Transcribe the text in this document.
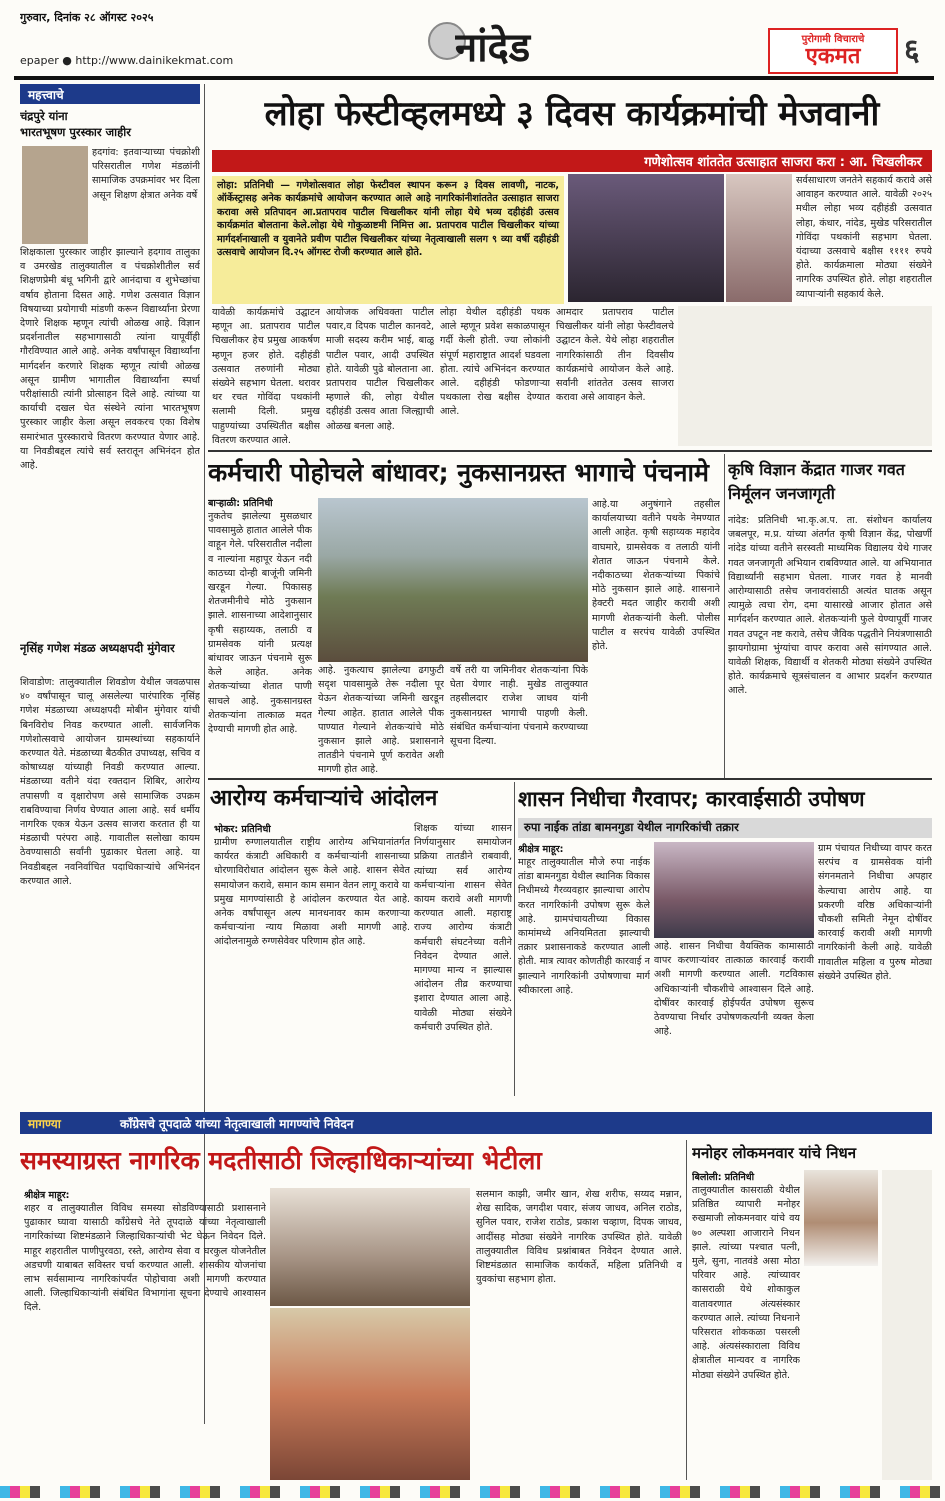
गुरुवार, दिनांक २८ ऑगस्ट २०२५
epaper ● http://www.dainikekmat.com	नांदेड	पुरोगामी विचाराचे
एकमत	६
महत्त्वाचे
चंद्रपुरे यांना
भारतभूषण पुरस्कार जाहीर
हदगांव: इतवाऱ्याच्या पंचक्रोशी परिसरातील गणेश मंडळांनी सामाजिक उपक्रमांवर भर दिला असून शिक्षण क्षेत्रात अनेक वर्षे
शिक्षकाला पुरस्कार जाहीर झाल्याने हदगाव तालुका व उमरखेड तालुक्यातील व पंचक्रोशीतील सर्व शिक्षणप्रेमी बंधू भगिनी द्वारे आनंदाचा व शुभेच्छांचा वर्षाव होताना दिसत आहे. गणेश उत्सवात विज्ञान विषयाच्या प्रयोगाची मांडणी करून विद्यार्थ्यांना प्रेरणा देणारे शिक्षक म्हणून त्यांची ओळख आहे. विज्ञान प्रदर्शनातील सहभागासाठी त्यांना यापूर्वीही गौरविण्यात आले आहे. अनेक वर्षांपासून विद्यार्थ्यांना मार्गदर्शन करणारे शिक्षक म्हणून त्यांची ओळख असून ग्रामीण भागातील विद्यार्थ्यांना स्पर्धा परीक्षांसाठी त्यांनी प्रोत्साहन दिले आहे. त्यांच्या या कार्याची दखल घेत संस्थेने त्यांना भारतभूषण पुरस्कार जाहीर केला असून लवकरच एका विशेष समारंभात पुरस्काराचे वितरण करण्यात येणार आहे. या निवडीबद्दल त्यांचे सर्व स्तरातून अभिनंदन होत आहे.
नृसिंह गणेश मंडळ अध्यक्षपदी मुंगेवार
शिवाडोण: तालुक्यातील शिवडोण येथील जवळपास ४० वर्षांपासून चालू असलेल्या पारंपारिक नृसिंह गणेश मंडळाच्या अध्यक्षपदी मोबीन मुंगेवार यांची बिनविरोध निवड करण्यात आली. सार्वजनिक गणेशोत्सवाचे आयोजन ग्रामस्थांच्या सहकार्याने करण्यात येते. मंडळाच्या बैठकीत उपाध्यक्ष, सचिव व कोषाध्यक्ष यांच्याही निवडी करण्यात आल्या. मंडळाच्या वतीने यंदा रक्तदान शिबिर, आरोग्य तपासणी व वृक्षारोपण असे सामाजिक उपक्रम राबविण्याचा निर्णय घेण्यात आला आहे. सर्व धर्मीय नागरिक एकत्र येऊन उत्सव साजरा करतात ही या मंडळाची परंपरा आहे. गावातील सलोखा कायम ठेवण्यासाठी सर्वांनी पुढाकार घेतला आहे. या निवडीबद्दल नवनिर्वाचित पदाधिकाऱ्यांचे अभिनंदन करण्यात आले.
लोहा फेस्टीव्हलमध्ये ३ दिवस कार्यक्रमांची मेजवानी
गणेशोत्सव शांततेत उत्साहात साजरा करा : आ. चिखलीकर
लोहा: प्रतिनिधी — गणेशोत्सवात लोहा फेस्टीवल स्थापन करून ३ दिवस लावणी, नाटक, ऑर्केस्ट्रासह अनेक कार्यक्रमांचे आयोजन करण्यात आले आहे नागरिकांनीशांततेत उत्साहात साजरा करावा असे प्रतिपादन आ.प्रतापराव पाटील चिखलीकर यांनी लोहा येथे भव्य दहीहंडी उत्सव कार्यक्रमांत बोलताना केले.लोहा येथे गोकुळाष्टमी निमित्त आ. प्रतापराव पाटील चिखलीकर यांच्या मार्गदर्शनाखाली व युवानेते प्रवीण पाटील चिखलीकर यांच्या नेतृत्वाखाली सलग ९ व्या वर्षी दहीहंडी उत्सवाचे आयोजन दि.२५ ऑगस्ट रोजी करण्यात आले होते.
सर्वसाधारण जनतेने सहकार्य करावे असे आवाहन करण्यात आले. यावेळी २०२५ मधील लोहा भव्य दहीहंडी उत्सवात लोहा, कंधार, नांदेड, मुखेड परिसरातील गोविंदा पथकांनी सहभाग घेतला. यंदाच्या उत्सवाचे बक्षीस ११११ रुपये होते. कार्यक्रमाला मोठ्या संख्येने नागरिक उपस्थित होते. लोहा शहरातील व्यापाऱ्यांनी सहकार्य केले.
यावेळी कार्यक्रमांचे उद्घाटन म्हणून आ. प्रतापराव पाटील चिखलीकर हेच प्रमुख आकर्षण म्हणून हजर होते. दहीहंडी उत्सवात तरुणांनी मोठ्या संख्येने सहभाग घेतला. थरावर थर रचत गोविंदा पथकांनी सलामी दिली. प्रमुख पाहुण्यांच्या उपस्थितीत बक्षीस वितरण करण्यात आले.
आयोजक अधिवक्ता पाटील पवार,व दिपक पाटील कानवटे, माजी सदस्य करीम भाई, बाळू पाटील पवार, आदी उपस्थित होते. यावेळी पुढे बोलताना आ. प्रतापराव पाटील चिखलीकर म्हणाले की, लोहा येथील दहीहंडी उत्सव आता जिल्ह्याची ओळख बनला आहे.
लोहा येथील दहीहंडी पथक आले म्हणून प्रवेश सकाळपासून गर्दी केली होती. ज्या लोकांनी संपूर्ण महाराष्ट्रात आदर्श घडवला होता. त्यांचे अभिनंदन करण्यात आले. दहीहंडी फोडणाऱ्या पथकाला रोख बक्षीस देण्यात आले.
आमदार प्रतापराव पाटील चिखलीकर यांनी लोहा फेस्टीवलचे उद्घाटन केले. येथे लोहा शहरातील नागरिकांसाठी तीन दिवसीय कार्यक्रमांचे आयोजन केले आहे. सर्वांनी शांततेत उत्सव साजरा करावा असे आवाहन केले.
कर्मचारी पोहोचले बांधावर; नुकसानग्रस्त भागाचे पंचनामे
बाऱ्हाळी: प्रतिनिधी
नुकतेच झालेल्या मुसळधार पावसामुळे हातात आलेले पीक वाहून गेले. परिसरातील नदीला व नाल्यांना महापूर येऊन नदी काठच्या दोन्ही बाजूंनी जमिनी खरडून गेल्या. पिकासह शेतजमीनीचे मोठे नुकसान झाले. शासनाच्या आदेशानुसार कृषी सहाय्यक, तलाठी व ग्रामसेवक यांनी प्रत्यक्ष बांधावर जाऊन पंचनामे सुरू केले आहेत. अनेक शेतकऱ्यांच्या शेतात पाणी साचले आहे. नुकसानग्रस्त शेतकऱ्यांना तात्काळ मदत देण्याची मागणी होत आहे.
आहे. नुकत्याच झालेल्या ढगफुटी सदृश पावसामुळे तेरू नदीला पूर येऊन शेतकऱ्यांच्या जमिनी खरडून गेल्या आहेत. हातात आलेले पीक पाण्यात गेल्याने शेतकऱ्यांचे मोठे नुकसान झाले आहे. प्रशासनाने तातडीने पंचनामे पूर्ण करावेत अशी मागणी होत आहे.
वर्षे तरी या जमिनीवर शेतकऱ्यांना पिके घेता येणार नाही. मुखेड तालुक्यात तहसीलदार राजेश जाधव यांनी नुकसानग्रस्त भागाची पाहणी केली. संबंधित कर्मचाऱ्यांना पंचनामे करण्याच्या सूचना दिल्या.
आहे.या अनुषंगाने तहसील कार्यालयाच्या वतीने पथके नेमण्यात आली आहेत. कृषी सहाय्यक महादेव वाघमारे, ग्रामसेवक व तलाठी यांनी शेतात जाऊन पंचनामे केले. नदीकाठच्या शेतकऱ्यांच्या पिकांचे मोठे नुकसान झाले आहे. शासनाने हेक्टरी मदत जाहीर करावी अशी मागणी शेतकऱ्यांनी केली. पोलीस पाटील व सरपंच यावेळी उपस्थित होते.
कृषि विज्ञान केंद्रात गाजर गवत निर्मूलन जनजागृती
नांदेड: प्रतिनिधी भा.कृ.अ.प. ता. संशोधन कार्यालय जबलपूर, म.प्र. यांच्या अंतर्गत कृषी विज्ञान केंद्र, पोखर्णी नांदेड यांच्या वतीने सरस्वती माध्यमिक विद्यालय येथे गाजर गवत जनजागृती अभियान राबविण्यात आले. या अभियानात विद्यार्थ्यांनी सहभाग घेतला. गाजर गवत हे मानवी आरोग्यासाठी तसेच जनावरांसाठी अत्यंत घातक असून त्यामुळे त्वचा रोग, दमा यासारखे आजार होतात असे मार्गदर्शन करण्यात आले. शेतकऱ्यांनी फुले येण्यापूर्वी गाजर गवत उपटून नष्ट करावे, तसेच जैविक पद्धतीने नियंत्रणासाठी झायगोग्रामा भुंग्यांचा वापर करावा असे सांगण्यात आले. यावेळी शिक्षक, विद्यार्थी व शेतकरी मोठ्या संख्येने उपस्थित होते. कार्यक्रमाचे सूत्रसंचालन व आभार प्रदर्शन करण्यात आले.
आरोग्य कर्मचाऱ्यांचे आंदोलन
भोकर: प्रतिनिधी
ग्रामीण रुग्णालयातील राष्ट्रीय आरोग्य अभियानांतर्गत कार्यरत कंत्राटी अधिकारी व कर्मचाऱ्यांनी शासनाच्या धोरणाविरोधात आंदोलन सुरू केले आहे. शासन सेवेत समायोजन करावे, समान काम समान वेतन लागू करावे या प्रमुख मागण्यांसाठी हे आंदोलन करण्यात येत आहे. अनेक वर्षांपासून अल्प मानधनावर काम करणाऱ्या कर्मचाऱ्यांना न्याय मिळावा अशी मागणी आहे. आंदोलनामुळे रुग्णसेवेवर परिणाम होत आहे.
शिक्षक यांच्या शासन निर्णयानुसार समायोजन प्रक्रिया तातडीने राबवावी, त्यांच्या सर्व आरोग्य कर्मचाऱ्यांना शासन सेवेत कायम करावे अशी मागणी करण्यात आली. महाराष्ट्र राज्य आरोग्य कंत्राटी कर्मचारी संघटनेच्या वतीने निवेदन देण्यात आले. मागण्या मान्य न झाल्यास आंदोलन तीव्र करण्याचा इशारा देण्यात आला आहे. यावेळी मोठ्या संख्येने कर्मचारी उपस्थित होते.
शासन निधीचा गैरवापर; कारवाईसाठी उपोषण
रुपा नाईक तांडा बामनगुडा येथील नागरिकांची तक्रार
श्रीक्षेत्र माहूर:
माहूर तालुक्यातील मौजे रुपा नाईक तांडा बामनगुडा येथील स्थानिक विकास निधीमध्ये गैरव्यवहार झाल्याचा आरोप करत नागरिकांनी उपोषण सुरू केले आहे. ग्रामपंचायतीच्या विकास कामांमध्ये अनियमितता झाल्याची तक्रार प्रशासनाकडे करण्यात आली होती. मात्र त्यावर कोणतीही कारवाई न झाल्याने नागरिकांनी उपोषणाचा मार्ग स्वीकारला आहे.
आहे. शासन निधीचा वैयक्तिक कामासाठी वापर करणाऱ्यांवर तात्काळ कारवाई करावी अशी मागणी करण्यात आली. गटविकास अधिकाऱ्यांनी चौकशीचे आश्वासन दिले आहे. दोषींवर कारवाई होईपर्यंत उपोषण सुरूच ठेवण्याचा निर्धार उपोषणकर्त्यांनी व्यक्त केला आहे.
ग्राम पंचायत निधीच्या वापर करत सरपंच व ग्रामसेवक यांनी संगनमताने निधीचा अपहार केल्याचा आरोप आहे. या प्रकरणी वरिष्ठ अधिकाऱ्यांनी चौकशी समिती नेमून दोषींवर कारवाई करावी अशी मागणी नागरिकांनी केली आहे. यावेळी गावातील महिला व पुरुष मोठ्या संख्येने उपस्थित होते.
मागण्या	काँग्रेसचे तूपदाळे यांच्या नेतृत्वाखाली मागण्यांचे निवेदन
समस्याग्रस्त नागरिक मदतीसाठी जिल्हाधिकाऱ्यांच्या भेटीला
श्रीक्षेत्र माहूर:
शहर व तालुक्यातील विविध समस्या सोडविण्यासाठी प्रशासनाने पुढाकार घ्यावा यासाठी काँग्रेसचे नेते तूपदाळे यांच्या नेतृत्वाखाली नागरिकांच्या शिष्टमंडळाने जिल्हाधिकाऱ्यांची भेट घेऊन निवेदन दिले. माहूर शहरातील पाणीपुरवठा, रस्ते, आरोग्य सेवा व घरकुल योजनेतील अडचणी याबाबत सविस्तर चर्चा करण्यात आली. शासकीय योजनांचा लाभ सर्वसामान्य नागरिकांपर्यंत पोहोचावा अशी मागणी करण्यात आली. जिल्हाधिकाऱ्यांनी संबंधित विभागांना सूचना देण्याचे आश्वासन दिले.
सलमान काझी, जमीर खान, शेख शरीफ, सय्यद मन्नान, शेख सादिक, जगदीश पवार, संजय जाधव, अनिल राठोड, सुनिल पवार, राजेश राठोड, प्रकाश चव्हाण, दिपक जाधव, आदींसह मोठ्या संख्येने नागरिक उपस्थित होते. यावेळी तालुक्यातील विविध प्रश्नांबाबत निवेदन देण्यात आले. शिष्टमंडळात सामाजिक कार्यकर्ते, महिला प्रतिनिधी व युवकांचा सहभाग होता.
मनोहर लोकमनवार यांचे निधन
बिलोली: प्रतिनिधी
तालुक्यातील कासराळी येथील प्रतिष्ठित व्यापारी मनोहर रुखमाजी लोकमनवार यांचे वय ७० अल्पशा आजाराने निधन झाले. त्यांच्या पश्चात पत्नी, मुले, सुना, नातवंडे असा मोठा परिवार आहे. त्यांच्यावर कासराळी येथे शोकाकुल वातावरणात अंत्यसंस्कार करण्यात आले. त्यांच्या निधनाने परिसरात शोककळा पसरली आहे. अंत्यसंस्काराला विविध क्षेत्रातील मान्यवर व नागरिक मोठ्या संख्येने उपस्थित होते.
